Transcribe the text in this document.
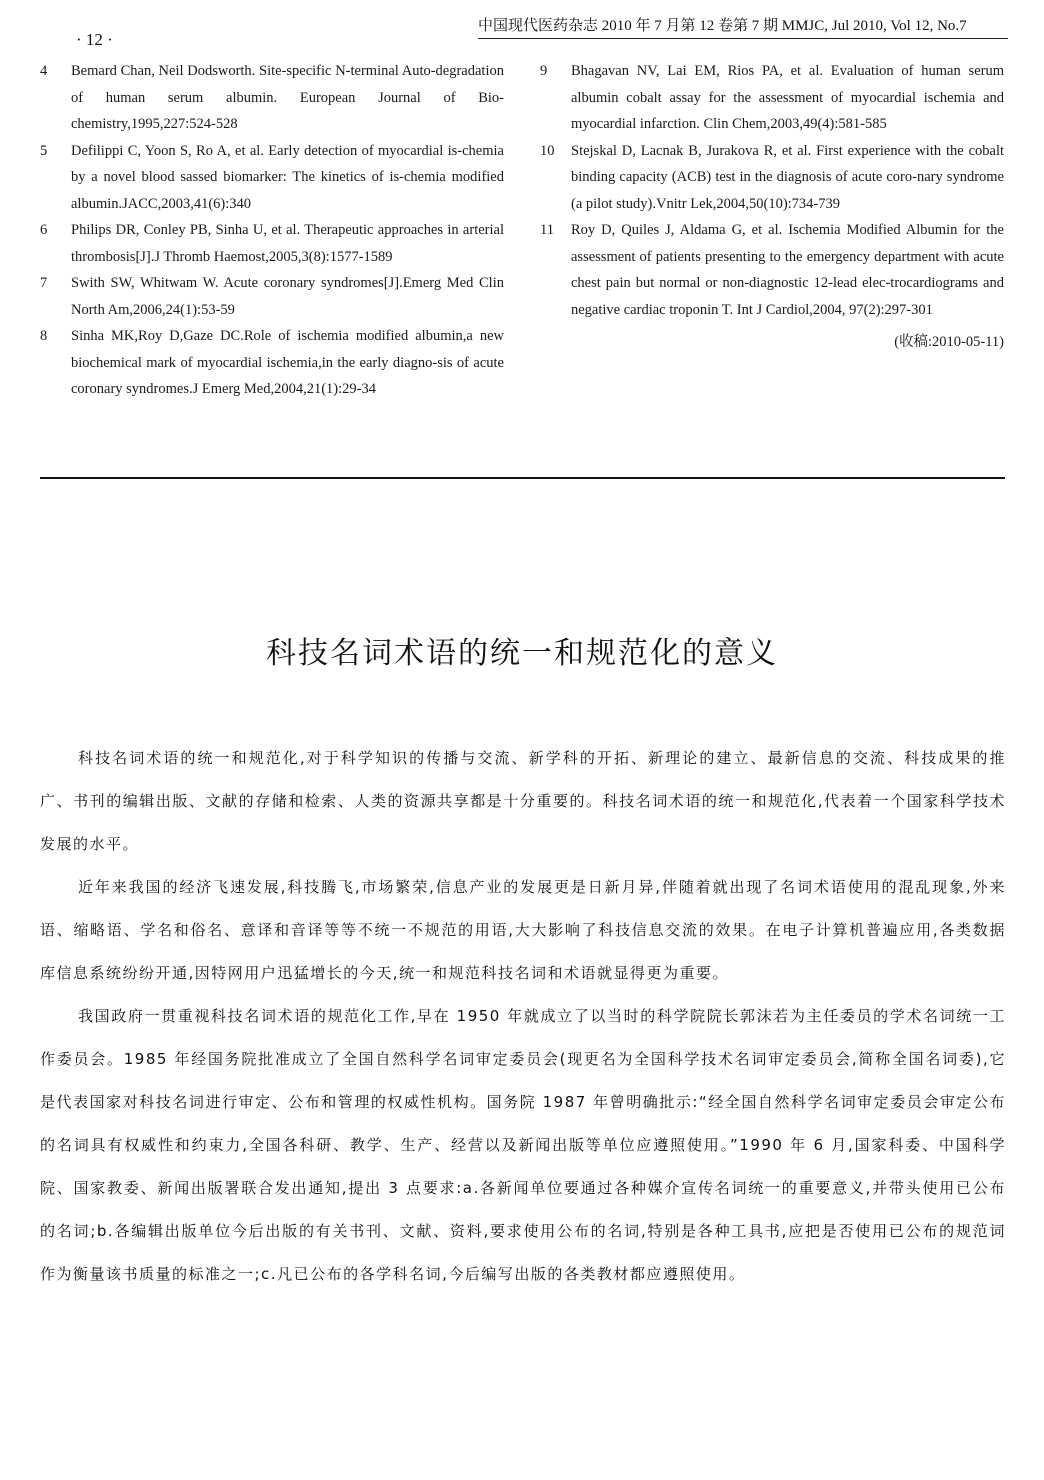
· 12 ·
中国现代医药杂志 2010 年 7 月第 12 卷第 7 期 MMJC, Jul 2010, Vol 12, No.7
4	Bemard Chan, Neil Dodsworth. Site-specific N-terminal Auto-degradation of human serum albumin. European Journal of Bio-chemistry,1995,227:524-528
5	Defilippi C, Yoon S, Ro A, et al. Early detection of myocardial is-chemia by a novel blood sassed biomarker: The kinetics of is-chemia modified albumin.JACC,2003,41(6):340
6	Philips DR, Conley PB, Sinha U, et al. Therapeutic approaches in arterial thrombosis[J].J Thromb Haemost,2005,3(8):1577-1589
7	Swith SW, Whitwam W. Acute coronary syndromes[J].Emerg Med Clin North Am,2006,24(1):53-59
8	Sinha MK,Roy D,Gaze DC.Role of ischemia modified albumin,a new biochemical mark of myocardial ischemia,in the early diagno-sis of acute coronary syndromes.J Emerg Med,2004,21(1):29-34
9	Bhagavan NV, Lai EM, Rios PA, et al. Evaluation of human serum albumin cobalt assay for the assessment of myocardial ischemia and myocardial infarction. Clin Chem,2003,49(4):581-585
10	Stejskal D, Lacnak B, Jurakova R, et al. First experience with the cobalt binding capacity (ACB) test in the diagnosis of acute coro-nary syndrome (a pilot study).Vnitr Lek,2004,50(10):734-739
11	Roy D, Quiles J, Aldama G, et al. Ischemia Modified Albumin for the assessment of patients presenting to the emergency department with acute chest pain but normal or non-diagnostic 12-lead elec-trocardiograms and negative cardiac troponin T. Int J Cardiol,2004, 97(2):297-301
(收稿:2010-05-11)
科技名词术语的统一和规范化的意义

科技名词术语的统一和规范化,对于科学知识的传播与交流、新学科的开拓、新理论的建立、最新信息的交流、科技成果的推广、书刊的编辑出版、文献的存储和检索、人类的资源共享都是十分重要的。科技名词术语的统一和规范化,代表着一个国家科学技术发展的水平。

近年来我国的经济飞速发展,科技腾飞,市场繁荣,信息产业的发展更是日新月异,伴随着就出现了名词术语使用的混乱现象,外来语、缩略语、学名和俗名、意译和音译等等不统一不规范的用语,大大影响了科技信息交流的效果。在电子计算机普遍应用,各类数据库信息系统纷纷开通,因特网用户迅猛增长的今天,统一和规范科技名词和术语就显得更为重要。

我国政府一贯重视科技名词术语的规范化工作,早在 1950 年就成立了以当时的科学院院长郭沫若为主任委员的学术名词统一工作委员会。1985 年经国务院批准成立了全国自然科学名词审定委员会(现更名为全国科学技术名词审定委员会,简称全国名词委),它是代表国家对科技名词进行审定、公布和管理的权威性机构。国务院 1987 年曾明确批示:“经全国自然科学名词审定委员会审定公布的名词具有权威性和约束力,全国各科研、教学、生产、经营以及新闻出版等单位应遵照使用。”1990 年 6 月,国家科委、中国科学院、国家教委、新闻出版署联合发出通知,提出 3 点要求:a.各新闻单位要通过各种媒介宣传名词统一的重要意义,并带头使用已公布的名词;b.各编辑出版单位今后出版的有关书刊、文献、资料,要求使用公布的名词,特别是各种工具书,应把是否使用已公布的规范词作为衡量该书质量的标准之一;c.凡已公布的各学科名词,今后编写出版的各类教材都应遵照使用。
